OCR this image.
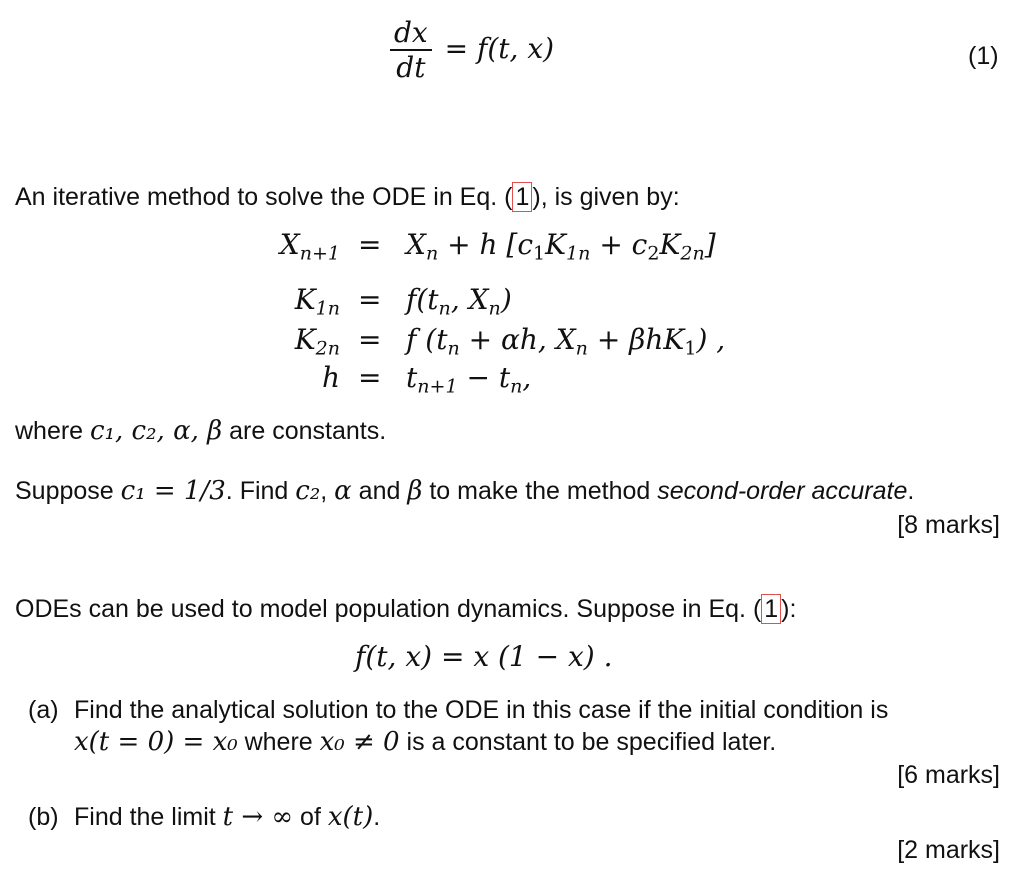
$\frac{dx}{dt} = f(t$, x)	(1)
An iterative method to solve the ODE in Eq. ( 1 ), is given by:
$X_{n+1} = X_n + h$ $[c_1K_{1n} + c_2K_{2n}]$
$K_{1n} = f(t_n$, $X_n$)
$K_{2n} = f$ ($t_n + \alpha h$, $X_n + \beta hK_1$) ,
$h = t_{n+1} - t_n$,
where c₁, c₂, α, β are constants.
Suppose c₁ = 1/3. Find c₂, α and β to make the method second-order accurate.
[8 marks]
ODEs can be used to model population dynamics. Suppose in Eq. ( 1 ):
f(t, x) = x (1 − x) .
(a) Find the analytical solution to the ODE in this case if the initial condition is
x(t = 0) = x₀ where x₀ ≠ 0 is a constant to be specified later.
[6 marks]
(b) Find the limit t → ∞ of x(t).
[2 marks]
